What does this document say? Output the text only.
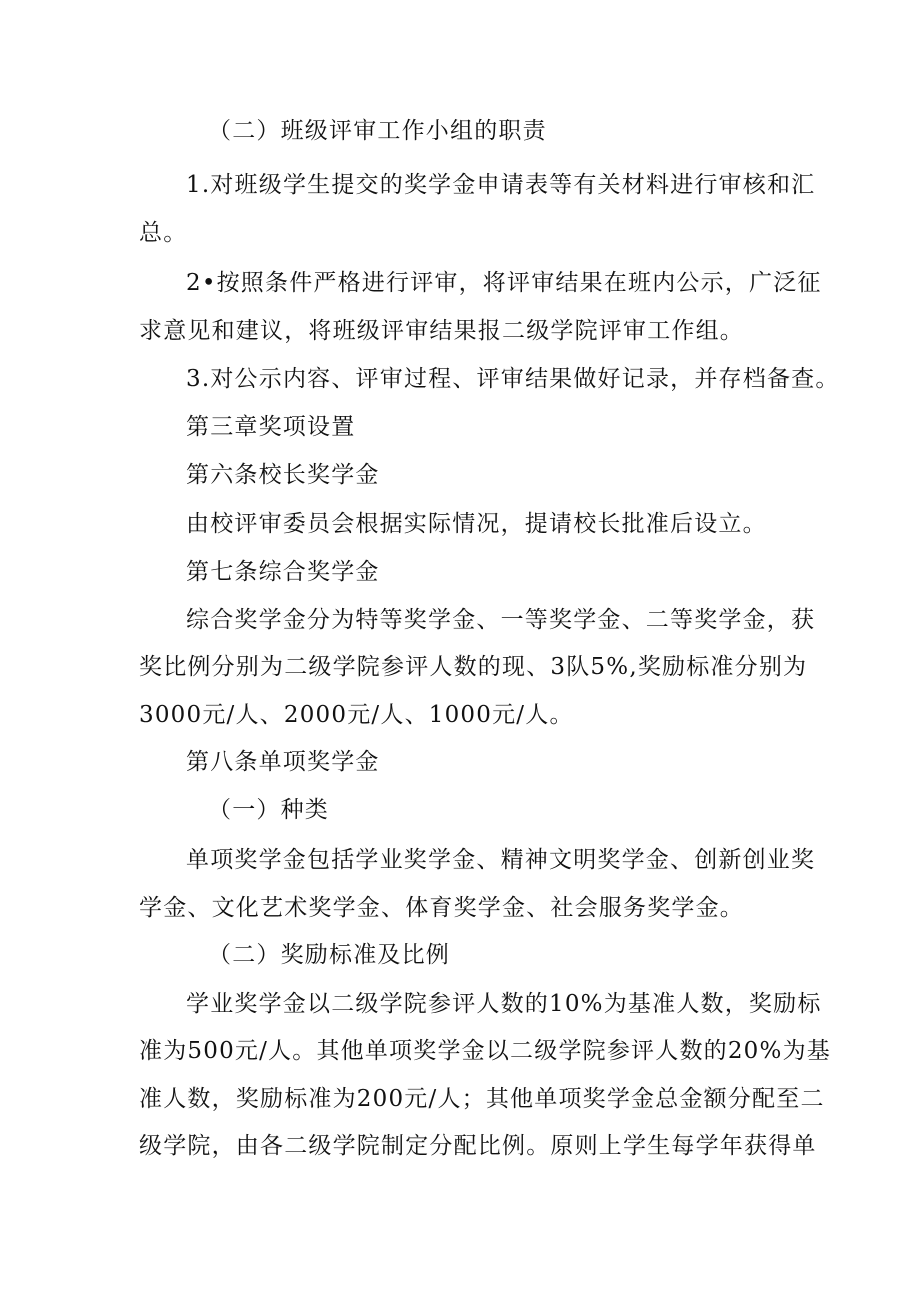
（二）班级评审工作小组的职责
1.对班级学生提交的奖学金申请表等有关材料进行审核和汇
总。
2•按照条件严格进行评审，将评审结果在班内公示，广泛征
求意见和建议，将班级评审结果报二级学院评审工作组。
3.对公示内容、评审过程、评审结果做好记录，并存档备查。
第三章奖项设置
第六条校长奖学金
由校评审委员会根据实际情况，提请校长批准后设立。
第七条综合奖学金
综合奖学金分为特等奖学金、一等奖学金、二等奖学金，获
奖比例分别为二级学院参评人数的现、3队5%,奖励标准分别为
3000元/人、2000元/人、1000元/人。
第八条单项奖学金
（一）种类
单项奖学金包括学业奖学金、精神文明奖学金、创新创业奖
学金、文化艺术奖学金、体育奖学金、社会服务奖学金。
（二）奖励标准及比例
学业奖学金以二级学院参评人数的10%为基准人数，奖励标
准为500元/人。其他单项奖学金以二级学院参评人数的20%为基
准人数，奖励标准为200元/人；其他单项奖学金总金额分配至二
级学院，由各二级学院制定分配比例。原则上学生每学年获得单
